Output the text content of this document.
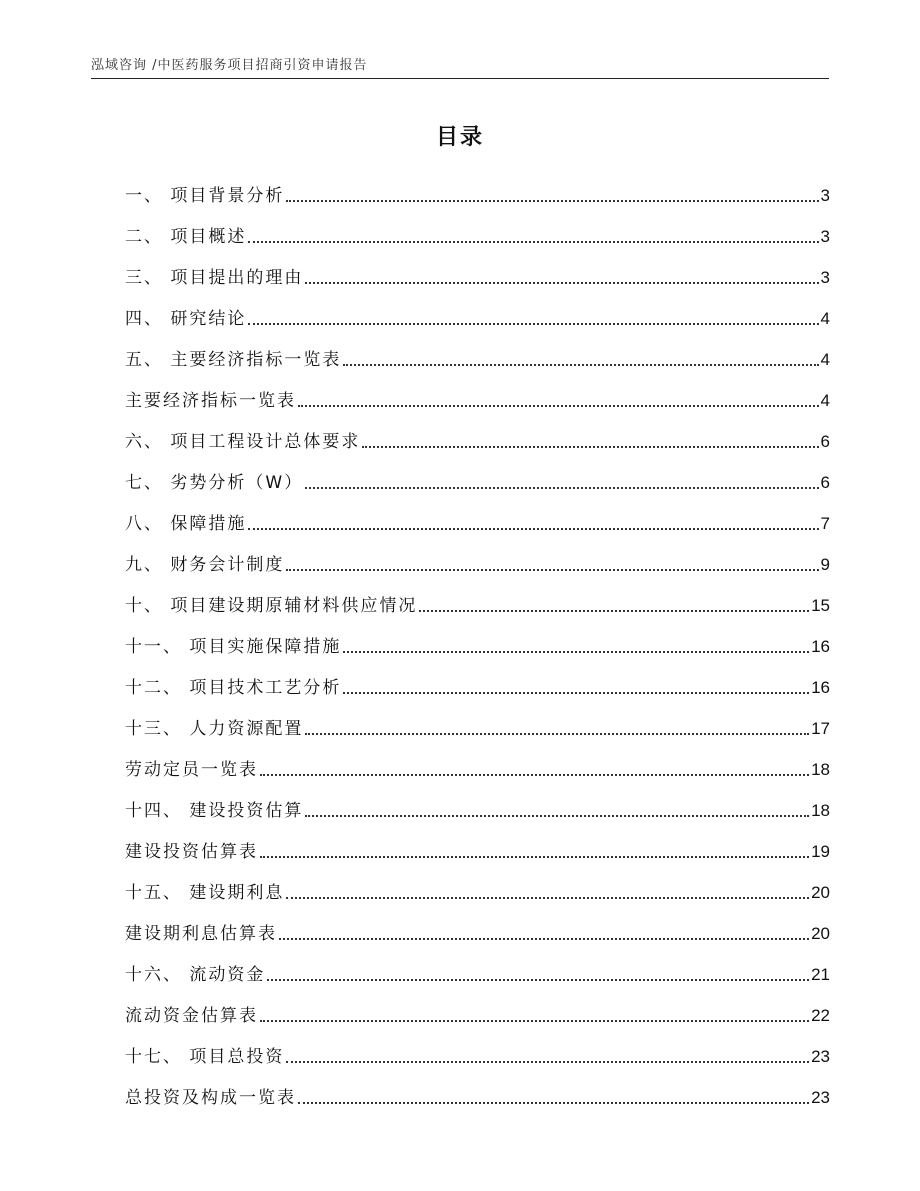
泓域咨询 /中医药服务项目招商引资申请报告
目录
一、 项目背景分析	3
二、 项目概述	3
三、 项目提出的理由	3
四、 研究结论	4
五、 主要经济指标一览表	4
主要经济指标一览表	4
六、 项目工程设计总体要求	6
七、 劣势分析（W）	6
八、 保障措施	7
九、 财务会计制度	9
十、 项目建设期原辅材料供应情况	15
十一、 项目实施保障措施	16
十二、 项目技术工艺分析	16
十三、 人力资源配置	17
劳动定员一览表	18
十四、 建设投资估算	18
建设投资估算表	19
十五、 建设期利息	20
建设期利息估算表	20
十六、 流动资金	21
流动资金估算表	22
十七、 项目总投资	23
总投资及构成一览表	23
